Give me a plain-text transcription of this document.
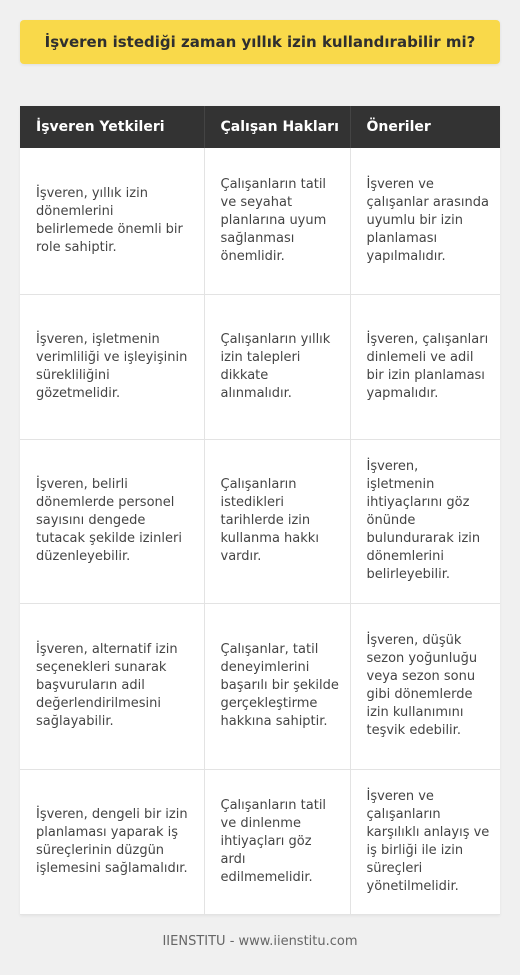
İşveren istediği zaman yıllık izin kullandırabilir mi?
İşveren Yetkileri	Çalışan Hakları	Öneriler
İşveren, yıllık izin dönemlerini belirlemede önemli bir role sahiptir.	Çalışanların tatil ve seyahat planlarına uyum sağlanması önemlidir.	İşveren ve çalışanlar arasında uyumlu bir izin planlaması yapılmalıdır.
İşveren, işletmenin verimliliği ve işleyişinin sürekliliğini gözetmelidir.	Çalışanların yıllık izin talepleri dikkate alınmalıdır.	İşveren, çalışanları dinlemeli ve adil bir izin planlaması yapmalıdır.
İşveren, belirli dönemlerde personel sayısını dengede tutacak şekilde izinleri düzenleyebilir.	Çalışanların istedikleri tarihlerde izin kullanma hakkı vardır.	İşveren, işletmenin ihtiyaçlarını göz önünde bulundurarak izin dönemlerini belirleyebilir.
İşveren, alternatif izin seçenekleri sunarak başvuruların adil değerlendirilmesini sağlayabilir.	Çalışanlar, tatil deneyimlerini başarılı bir şekilde gerçekleştirme hakkına sahiptir.	İşveren, düşük sezon yoğunluğu veya sezon sonu gibi dönemlerde izin kullanımını teşvik edebilir.
İşveren, dengeli bir izin planlaması yaparak iş süreçlerinin düzgün işlemesini sağlamalıdır.	Çalışanların tatil ve dinlenme ihtiyaçları göz ardı edilmemelidir.	İşveren ve çalışanların karşılıklı anlayış ve iş birliği ile izin süreçleri yönetilmelidir.
IIENSTITU - www.iienstitu.com
